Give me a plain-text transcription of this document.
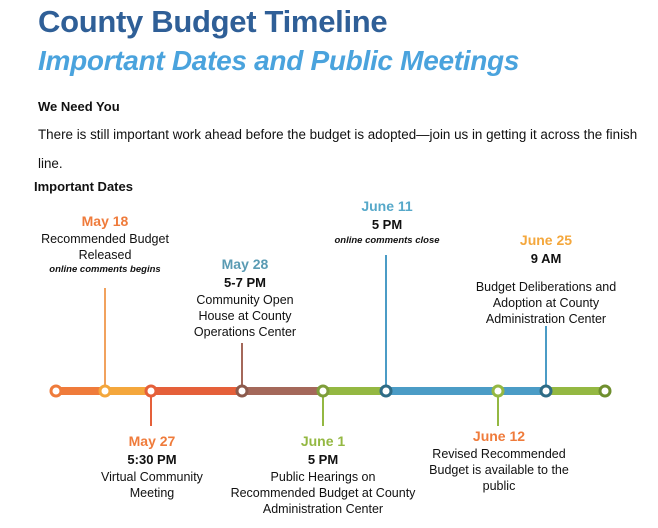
County Budget Timeline
Important Dates and Public Meetings
We Need You

There is still important work ahead before the budget is adopted—join us in getting it across the finish line.

Important Dates
May 18
Recommended Budget Released
online comments begins
May 27
5:30 PM
Virtual Community Meeting
May 28
5-7 PM
Community Open House at County Operations Center
June 1
5 PM
Public Hearings on Recommended Budget at County Administration Center
June 11
5 PM
online comments close
June 12
Revised Recommended Budget is available to the public
June 25
9 AM
Budget Deliberations and Adoption at County Administration Center
